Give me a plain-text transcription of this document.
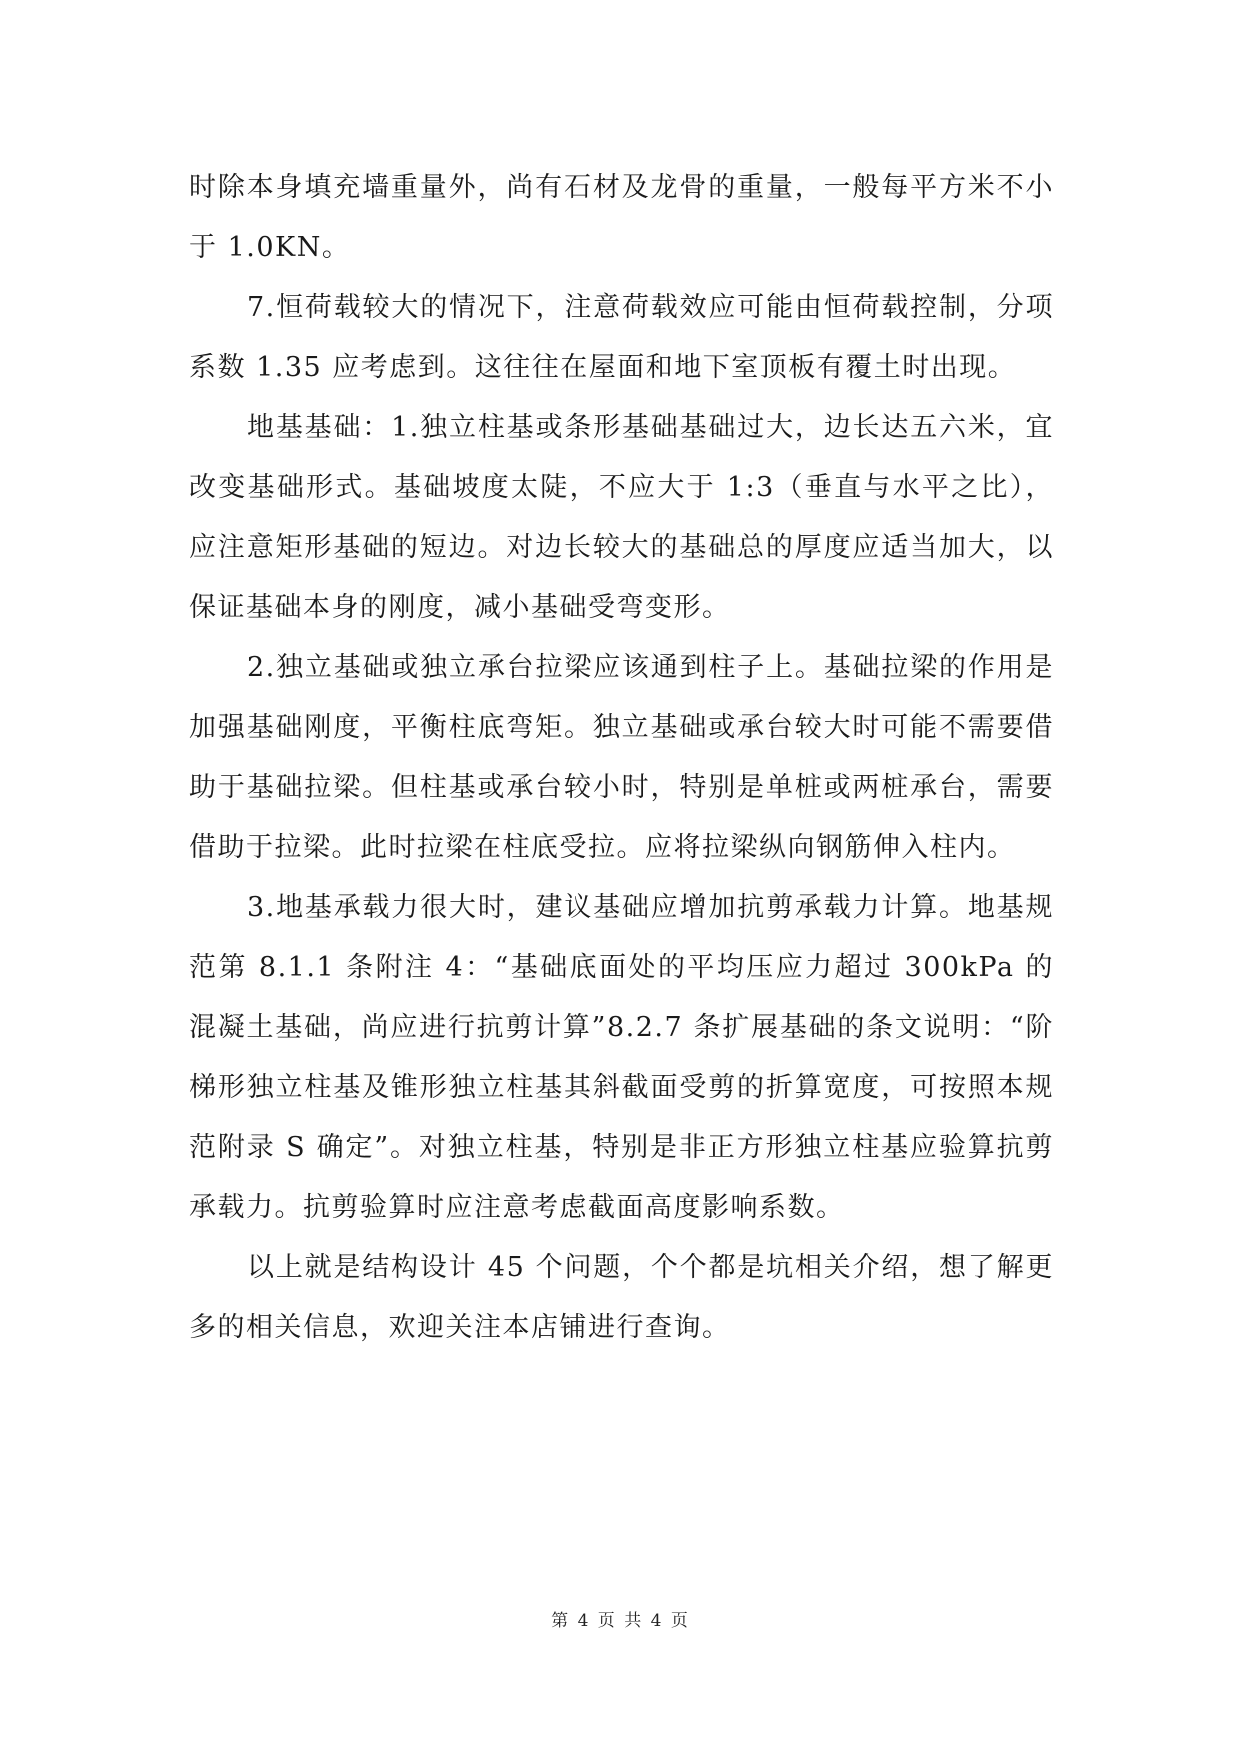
时除本身填充墙重量外，尚有石材及龙骨的重量，一般每平方米不小于 1.0KN。

7.恒荷载较大的情况下，注意荷载效应可能由恒荷载控制，分项系数 1.35 应考虑到。这往往在屋面和地下室顶板有覆土时出现。

地基基础：1.独立柱基或条形基础基础过大，边长达五六米，宜改变基础形式。基础坡度太陡，不应大于 1:3（垂直与水平之比），应注意矩形基础的短边。对边长较大的基础总的厚度应适当加大，以保证基础本身的刚度，减小基础受弯变形。

2.独立基础或独立承台拉梁应该通到柱子上。基础拉梁的作用是加强基础刚度，平衡柱底弯矩。独立基础或承台较大时可能不需要借助于基础拉梁。但柱基或承台较小时，特别是单桩或两桩承台，需要借助于拉梁。此时拉梁在柱底受拉。应将拉梁纵向钢筋伸入柱内。

3.地基承载力很大时，建议基础应增加抗剪承载力计算。地基规范第 8.1.1 条附注 4：“基础底面处的平均压应力超过 300kPa 的混凝土基础，尚应进行抗剪计算”8.2.7 条扩展基础的条文说明：“阶梯形独立柱基及锥形独立柱基其斜截面受剪的折算宽度，可按照本规范附录 S 确定”。对独立柱基，特别是非正方形独立柱基应验算抗剪承载力。抗剪验算时应注意考虑截面高度影响系数。

以上就是结构设计 45 个问题，个个都是坑相关介绍，想了解更多的相关信息，欢迎关注本店铺进行查询。

第 4 页 共 4 页
